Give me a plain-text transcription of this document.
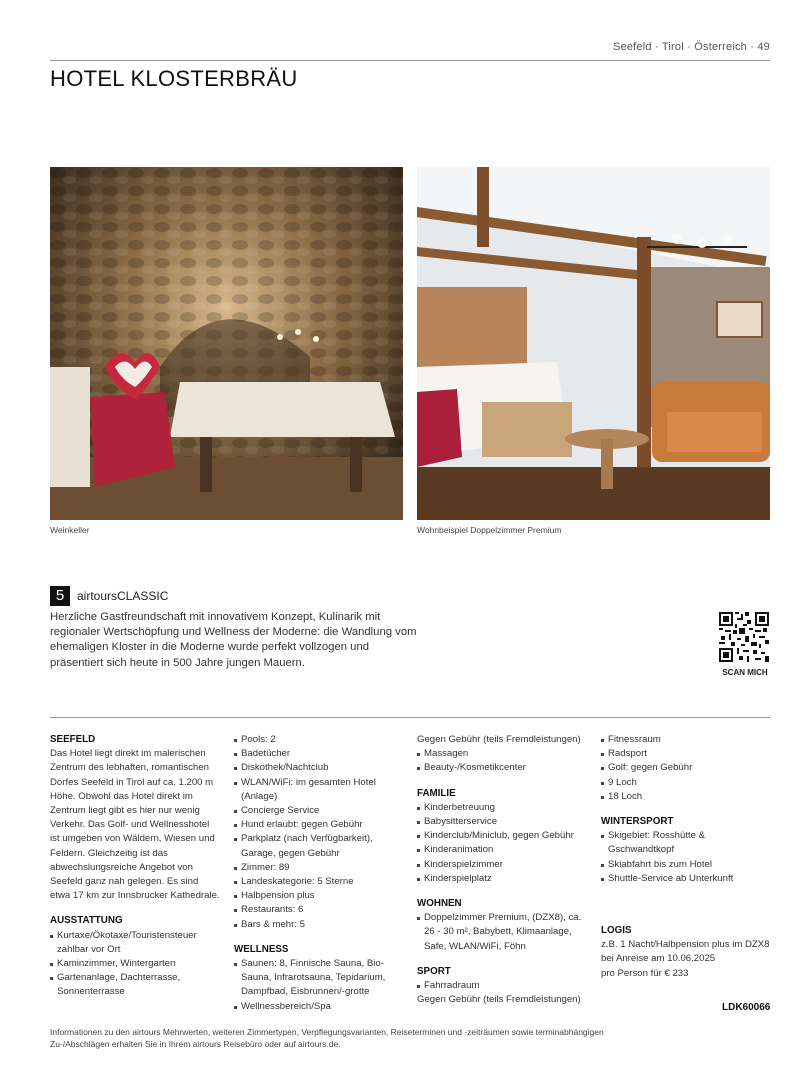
Seefeld · Tirol · Österreich · 49
HOTEL KLOSTERBRÄU
Weinkeller	Wohnbeispiel Doppelzimmer Premium
5	airtoursCLASSIC

Herzliche Gastfreundschaft mit innovativem Konzept, Kulinarik mit regionaler Wertschöpfung und Wellness der Moderne: die Wandlung vom ehemaligen Kloster in die Moderne wurde perfekt vollzogen und präsentiert sich heute in 500 Jahre jungen Mauern.

SCAN MICH
SEEFELD

Das Hotel liegt direkt im malerischen Zentrum des lebhaften, romantischen Dorfes Seefeld in Tirol auf ca. 1.200 m Höhe. Obwohl das Hotel direkt im Zentrum liegt gibt es hier nur wenig Verkehr. Das Golf- und Wellnesshotel ist umgeben von Wäldern, Wiesen und Feldern. Gleichzeitig ist das abwechslungsreiche Angebot von Seefeld ganz nah gelegen. Es sind etwa 17 km zur Innsbrucker Kathedrale.

AUSSTATTUNG
Kurtaxe/Ökotaxe/Touristensteuer zahlbar vor Ort
Kaminzimmer, Wintergarten
Gartenanlage, Dachterrasse, Sonnenterrasse
Pools: 2
Badetücher
Diskothek/Nachtclub
WLAN/WiFi: im gesamten Hotel (Anlage)
Concierge Service
Hund erlaubt: gegen Gebühr
Parkplatz (nach Verfügbarkeit), Garage, gegen Gebühr
Zimmer: 89
Landeskategorie: 5 Sterne
Halbpension plus
Restaurants: 6
Bars & mehr: 5
WELLNESS
Saunen: 8, Finnische Sauna, Bio-Sauna, Infrarotsauna, Tepidarium, Dampfbad, Eisbrunnen/-grotte
Wellnessbereich/Spa
Gegen Gebühr (teils Fremdleistungen)
Massagen
Beauty-/Kosmetikcenter
FAMILIE
Kinderbetreuung
Babysitterservice
Kinderclub/Miniclub, gegen Gebühr
Kinderanimation
Kinderspielzimmer
Kinderspielplatz
WOHNEN
Doppelzimmer Premium, (DZX8), ca. 26 - 30 m², Babybett, Klimaanlage, Safe, WLAN/WiFi, Föhn
SPORT
Fahrradraum
Gegen Gebühr (teils Fremdleistungen)
Fitnessraum
Radsport
Golf: gegen Gebühr
9 Loch
18 Loch
WINTERSPORT
Skigebiet: Rosshütte & Gschwandtkopf
Skiabfahrt bis zum Hotel
Shuttle-Service ab Unterkunft
LOGIS
z.B. 1 Nacht/Halbpension plus im DZX8
bei Anreise am 10.06.2025
pro Person für € 233
LDK60066

Informationen zu den airtours Mehrwerten, weiteren Zimmertypen, Verpflegungsvarianten, Reiseterminen und -zeiträumen sowie terminabhängigen Zu-/Abschlägen erhalten Sie in Ihrem airtours Reisebüro oder auf airtours.de.
